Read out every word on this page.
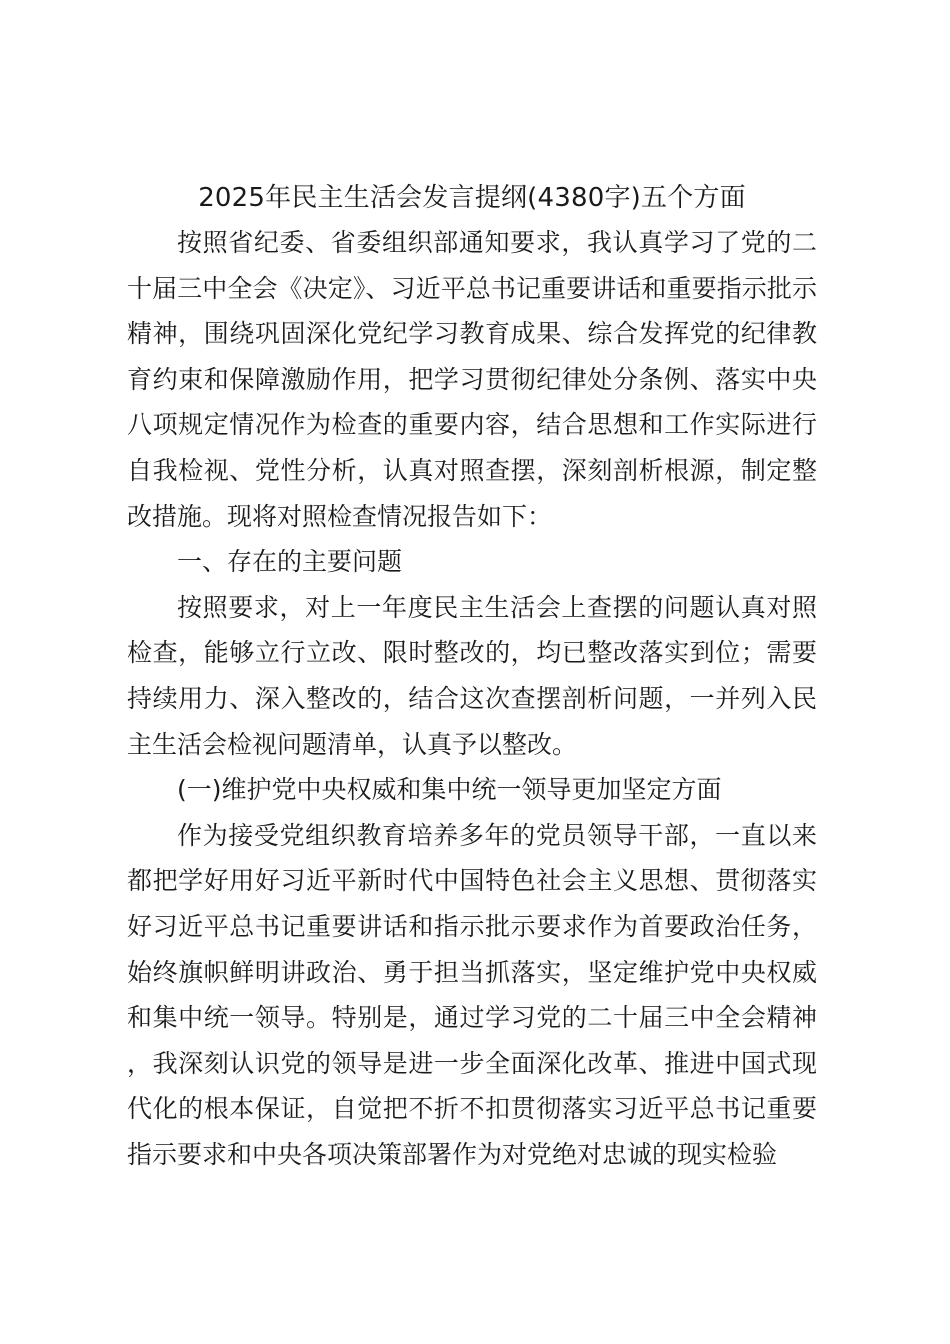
2025年民主生活会发言提纲(4380字)五个方面

按照省纪委、省委组织部通知要求，我认真学习了党的二十届三中全会《决定》、习近平总书记重要讲话和重要指示批示精神，围绕巩固深化党纪学习教育成果、综合发挥党的纪律教育约束和保障激励作用，把学习贯彻纪律处分条例、落实中央八项规定情况作为检查的重要内容，结合思想和工作实际进行自我检视、党性分析，认真对照查摆，深刻剖析根源，制定整改措施。现将对照检查情况报告如下：

一、存在的主要问题

按照要求，对上一年度民主生活会上查摆的问题认真对照检查，能够立行立改、限时整改的，均已整改落实到位；需要持续用力、深入整改的，结合这次查摆剖析问题，一并列入民主生活会检视问题清单，认真予以整改。

(一)维护党中央权威和集中统一领导更加坚定方面

作为接受党组织教育培养多年的党员领导干部，一直以来都把学好用好习近平新时代中国特色社会主义思想、贯彻落实好习近平总书记重要讲话和指示批示要求作为首要政治任务，始终旗帜鲜明讲政治、勇于担当抓落实，坚定维护党中央权威和集中统一领导。特别是，通过学习党的二十届三中全会精神，我深刻认识党的领导是进一步全面深化改革、推进中国式现代化的根本保证，自觉把不折不扣贯彻落实习近平总书记重要指示要求和中央各项决策部署作为对党绝对忠诚的现实检验
